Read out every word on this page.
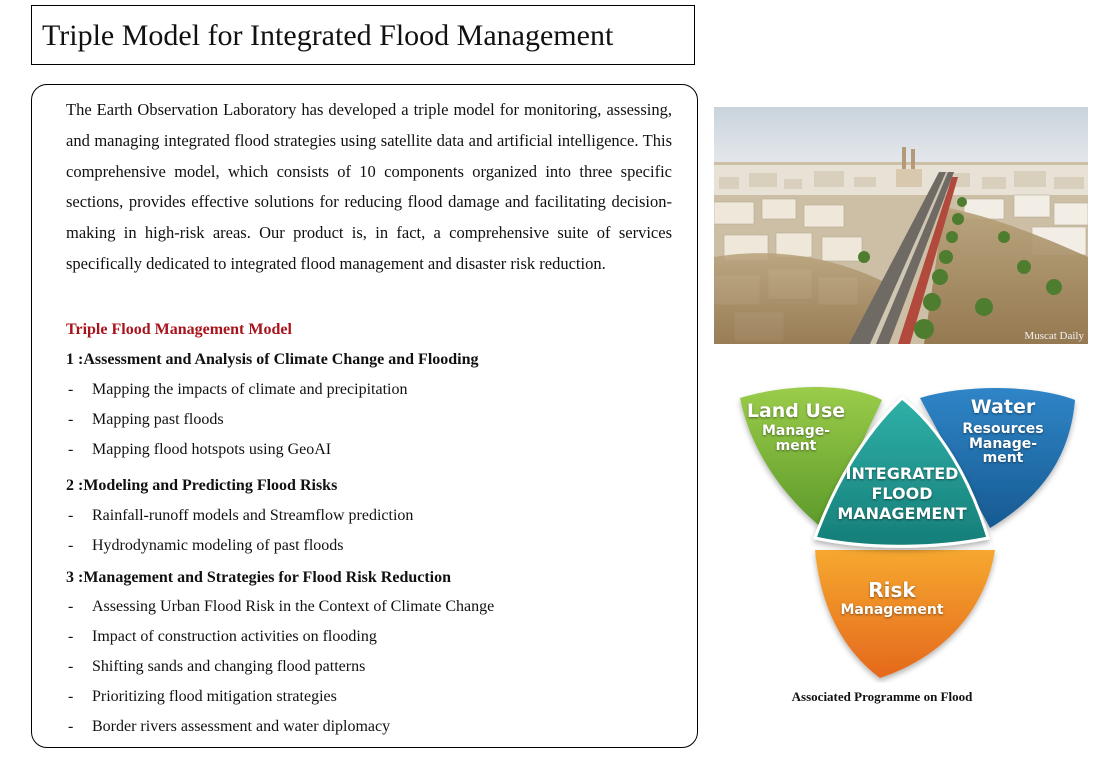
Triple Model for Integrated Flood Management

The Earth Observation Laboratory has developed a triple model for monitoring, assessing, and managing integrated flood strategies using satellite data and artificial intelligence. This comprehensive model, which consists of 10 components organized into three specific sections, provides effective solutions for reducing flood damage and facilitating decision-making in high-risk areas. Our product is, in fact, a comprehensive suite of services specifically dedicated to integrated flood management and disaster risk reduction.

Triple Flood Management Model
1 :Assessment and Analysis of Climate Change and Flooding
- Mapping the impacts of climate and precipitation
- Mapping past floods
- Mapping flood hotspots using GeoAI
2 :Modeling and Predicting Flood Risks
- Rainfall-runoff models and Streamflow prediction
- Hydrodynamic modeling of past floods
3 :Management and Strategies for Flood Risk Reduction
- Assessing Urban Flood Risk in the Context of Climate Change
- Impact of construction activities on flooding
- Shifting sands and changing flood patterns
- Prioritizing flood mitigation strategies
- Border rivers assessment and water diplomacy
Muscat Daily
Land Use
Manage-
ment
Water
Resources
Manage-
ment
INTEGRATED
FLOOD
MANAGEMENT
Risk
Management
Associated Programme on Flood
